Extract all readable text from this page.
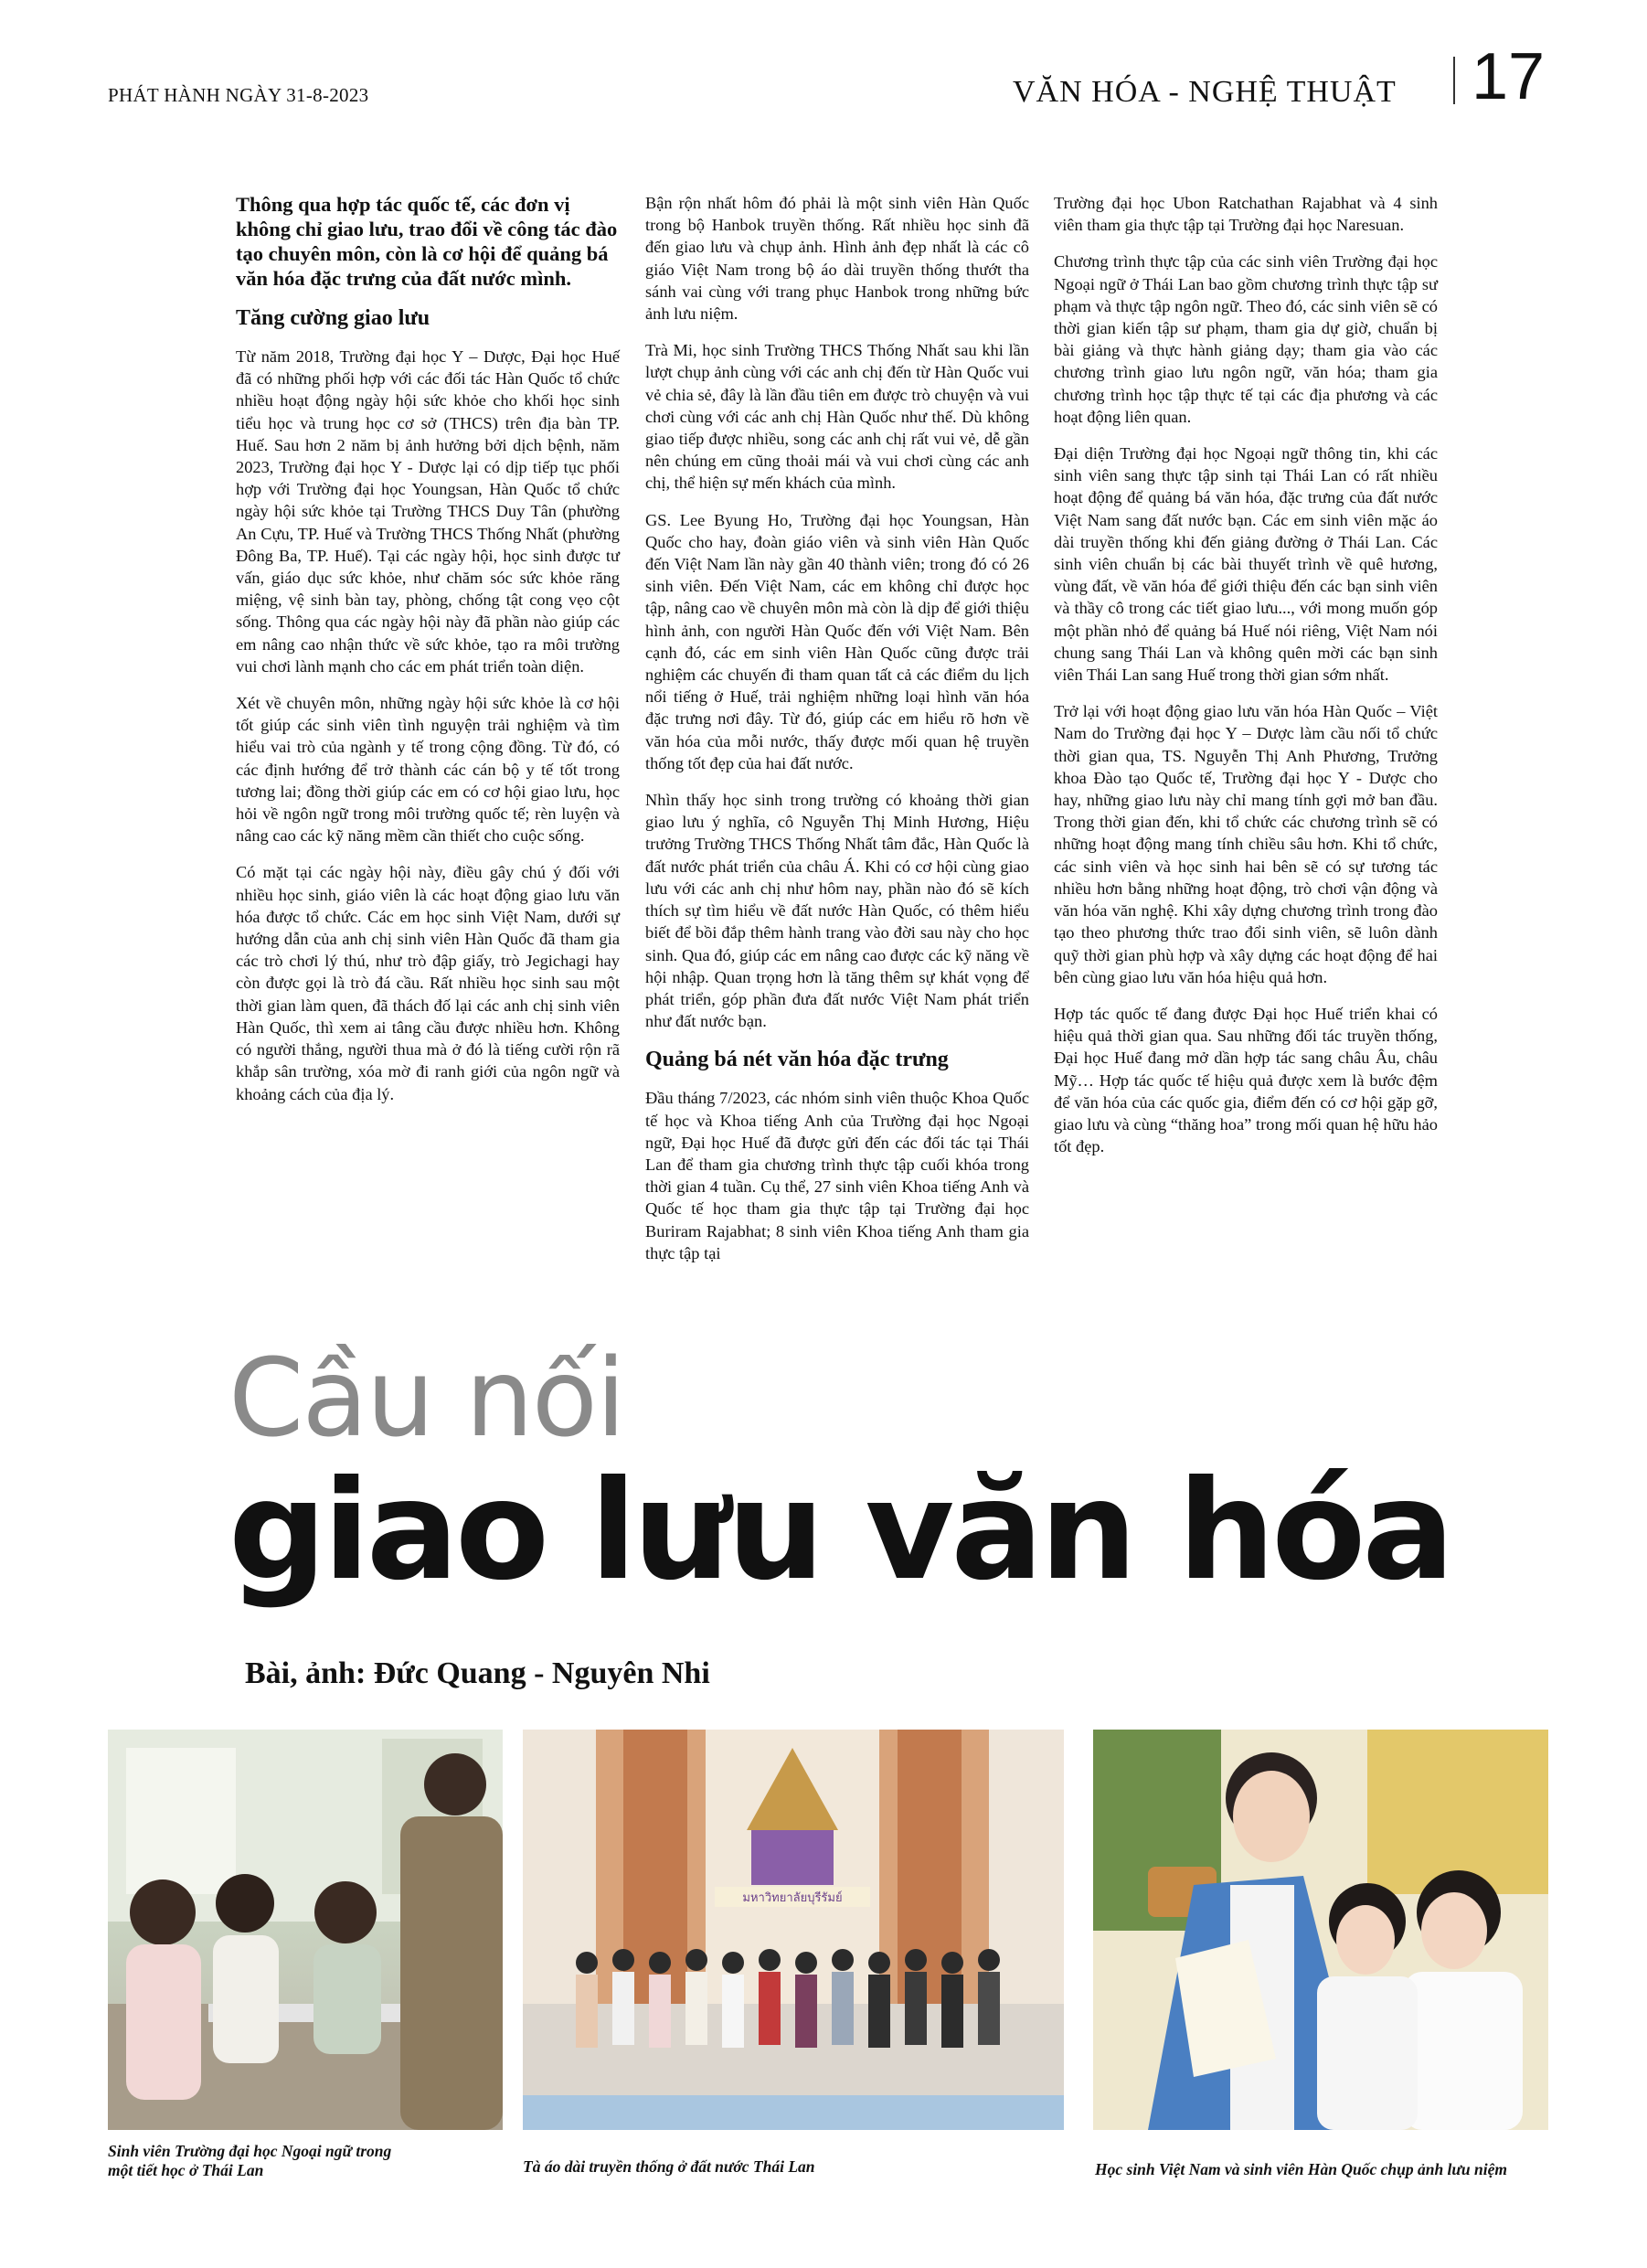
PHÁT HÀNH NGÀY 31-8-2023	VĂN HÓA - NGHỆ THUẬT 17

Thông qua hợp tác quốc tế, các đơn vị không chỉ giao lưu, trao đổi về công tác đào tạo chuyên môn, còn là cơ hội để quảng bá văn hóa đặc trưng của đất nước mình.

Tăng cường giao lưu

Từ năm 2018, Trường đại học Y – Dược, Đại học Huế đã có những phối hợp với các đối tác Hàn Quốc tổ chức nhiều hoạt động ngày hội sức khỏe cho khối học sinh tiểu học và trung học cơ sở (THCS) trên địa bàn TP. Huế. Sau hơn 2 năm bị ảnh hưởng bởi dịch bệnh, năm 2023, Trường đại học Y - Dược lại có dịp tiếp tục phối hợp với Trường đại học Youngsan, Hàn Quốc tổ chức ngày hội sức khỏe tại Trường THCS Duy Tân (phường An Cựu, TP. Huế và Trường THCS Thống Nhất (phường Đông Ba, TP. Huế). Tại các ngày hội, học sinh được tư vấn, giáo dục sức khỏe, như chăm sóc sức khỏe răng miệng, vệ sinh bàn tay, phòng, chống tật cong vẹo cột sống. Thông qua các ngày hội này đã phần nào giúp các em nâng cao nhận thức về sức khỏe, tạo ra môi trường vui chơi lành mạnh cho các em phát triển toàn diện.

Xét về chuyên môn, những ngày hội sức khỏe là cơ hội tốt giúp các sinh viên tình nguyện trải nghiệm và tìm hiểu vai trò của ngành y tế trong cộng đồng. Từ đó, có các định hướng để trở thành các cán bộ y tế tốt trong tương lai; đồng thời giúp các em có cơ hội giao lưu, học hỏi về ngôn ngữ trong môi trường quốc tế; rèn luyện và nâng cao các kỹ năng mềm cần thiết cho cuộc sống.

Có mặt tại các ngày hội này, điều gây chú ý đối với nhiều học sinh, giáo viên là các hoạt động giao lưu văn hóa được tổ chức. Các em học sinh Việt Nam, dưới sự hướng dẫn của anh chị sinh viên Hàn Quốc đã tham gia các trò chơi lý thú, như trò đập giấy, trò Jegichagi hay còn được gọi là trò đá cầu. Rất nhiều học sinh sau một thời gian làm quen, đã thách đố lại các anh chị sinh viên Hàn Quốc, thì xem ai tâng cầu được nhiều hơn. Không có người thắng, người thua mà ở đó là tiếng cười rộn rã khắp sân trường, xóa mờ đi ranh giới của ngôn ngữ và khoảng cách của địa lý.

Bận rộn nhất hôm đó phải là một sinh viên Hàn Quốc trong bộ Hanbok truyền thống. Rất nhiều học sinh đã đến giao lưu và chụp ảnh. Hình ảnh đẹp nhất là các cô giáo Việt Nam trong bộ áo dài truyền thống thướt tha sánh vai cùng với trang phục Hanbok trong những bức ảnh lưu niệm.

Trà Mi, học sinh Trường THCS Thống Nhất sau khi lần lượt chụp ảnh cùng với các anh chị đến từ Hàn Quốc vui vẻ chia sẻ, đây là lần đầu tiên em được trò chuyện và vui chơi cùng với các anh chị Hàn Quốc như thế. Dù không giao tiếp được nhiều, song các anh chị rất vui vẻ, dễ gần nên chúng em cũng thoải mái và vui chơi cùng các anh chị, thể hiện sự mến khách của mình.

GS. Lee Byung Ho, Trường đại học Youngsan, Hàn Quốc cho hay, đoàn giáo viên và sinh viên Hàn Quốc đến Việt Nam lần này gần 40 thành viên; trong đó có 26 sinh viên. Đến Việt Nam, các em không chỉ được học tập, nâng cao về chuyên môn mà còn là dịp để giới thiệu hình ảnh, con người Hàn Quốc đến với Việt Nam. Bên cạnh đó, các em sinh viên Hàn Quốc cũng được trải nghiệm các chuyến đi tham quan tất cả các điểm du lịch nổi tiếng ở Huế, trải nghiệm những loại hình văn hóa đặc trưng nơi đây. Từ đó, giúp các em hiểu rõ hơn về văn hóa của mỗi nước, thấy được mối quan hệ truyền thống tốt đẹp của hai đất nước.

Nhìn thấy học sinh trong trường có khoảng thời gian giao lưu ý nghĩa, cô Nguyễn Thị Minh Hương, Hiệu trưởng Trường THCS Thống Nhất tâm đắc, Hàn Quốc là đất nước phát triển của châu Á. Khi có cơ hội cùng giao lưu với các anh chị như hôm nay, phần nào đó sẽ kích thích sự tìm hiểu về đất nước Hàn Quốc, có thêm hiểu biết để bồi đắp thêm hành trang vào đời sau này cho học sinh. Qua đó, giúp các em nâng cao được các kỹ năng về hội nhập. Quan trọng hơn là tăng thêm sự khát vọng để phát triển, góp phần đưa đất nước Việt Nam phát triển như đất nước bạn.

Quảng bá nét văn hóa đặc trưng

Đầu tháng 7/2023, các nhóm sinh viên thuộc Khoa Quốc tế học và Khoa tiếng Anh của Trường đại học Ngoại ngữ, Đại học Huế đã được gửi đến các đối tác tại Thái Lan để tham gia chương trình thực tập cuối khóa trong thời gian 4 tuần. Cụ thể, 27 sinh viên Khoa tiếng Anh và Quốc tế học tham gia thực tập tại Trường đại học Buriram Rajabhat; 8 sinh viên Khoa tiếng Anh tham gia thực tập tại

Trường đại học Ubon Ratchathan Rajabhat và 4 sinh viên tham gia thực tập tại Trường đại học Naresuan.

Chương trình thực tập của các sinh viên Trường đại học Ngoại ngữ ở Thái Lan bao gồm chương trình thực tập sư phạm và thực tập ngôn ngữ. Theo đó, các sinh viên sẽ có thời gian kiến tập sư phạm, tham gia dự giờ, chuẩn bị bài giảng và thực hành giảng dạy; tham gia vào các chương trình giao lưu ngôn ngữ, văn hóa; tham gia chương trình học tập thực tế tại các địa phương và các hoạt động liên quan.

Đại diện Trường đại học Ngoại ngữ thông tin, khi các sinh viên sang thực tập sinh tại Thái Lan có rất nhiều hoạt động để quảng bá văn hóa, đặc trưng của đất nước Việt Nam sang đất nước bạn. Các em sinh viên mặc áo dài truyền thống khi đến giảng đường ở Thái Lan. Các sinh viên chuẩn bị các bài thuyết trình về quê hương, vùng đất, về văn hóa để giới thiệu đến các bạn sinh viên và thầy cô trong các tiết giao lưu..., với mong muốn góp một phần nhỏ để quảng bá Huế nói riêng, Việt Nam nói chung sang Thái Lan và không quên mời các bạn sinh viên Thái Lan sang Huế trong thời gian sớm nhất.

Trở lại với hoạt động giao lưu văn hóa Hàn Quốc – Việt Nam do Trường đại học Y – Dược làm cầu nối tổ chức thời gian qua, TS. Nguyễn Thị Anh Phương, Trưởng khoa Đào tạo Quốc tế, Trường đại học Y - Dược cho hay, những giao lưu này chỉ mang tính gợi mở ban đầu. Trong thời gian đến, khi tổ chức các chương trình sẽ có những hoạt động mang tính chiều sâu hơn. Khi tổ chức, các sinh viên và học sinh hai bên sẽ có sự tương tác nhiều hơn bằng những hoạt động, trò chơi vận động và văn hóa văn nghệ. Khi xây dựng chương trình trong đào tạo theo phương thức trao đổi sinh viên, sẽ luôn dành quỹ thời gian phù hợp và xây dựng các hoạt động để hai bên cùng giao lưu văn hóa hiệu quả hơn.

Hợp tác quốc tế đang được Đại học Huế triển khai có hiệu quả thời gian qua. Sau những đối tác truyền thống, Đại học Huế đang mở dần hợp tác sang châu Âu, châu Mỹ… Hợp tác quốc tế hiệu quả được xem là bước đệm để văn hóa của các quốc gia, điểm đến có cơ hội gặp gỡ, giao lưu và cùng “thăng hoa” trong mối quan hệ hữu hảo tốt đẹp.

Cầu nối
giao lưu văn hóa
Bài, ảnh: Đức Quang - Nguyên Nhi
มหาวิทยาลัยบุรีรัมย์
Sinh viên Trường đại học Ngoại ngữ trong một tiết học ở Thái Lan	Tà áo dài truyền thống ở đất nước Thái Lan	Học sinh Việt Nam và sinh viên Hàn Quốc chụp ảnh lưu niệm
